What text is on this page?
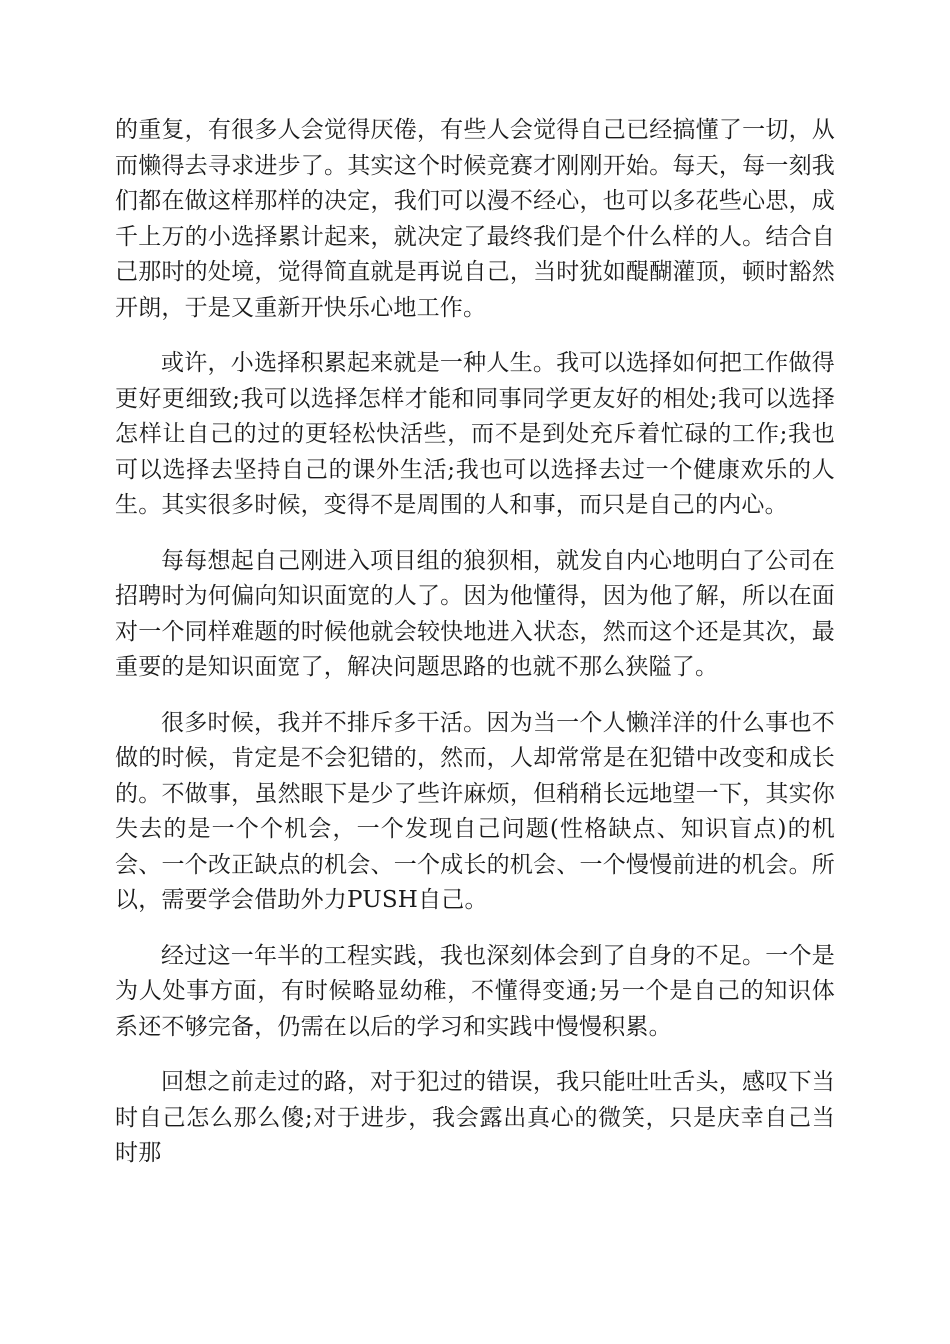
的重复，有很多人会觉得厌倦，有些人会觉得自己已经搞懂了一切，从而懒得去寻求进步了。其实这个时候竞赛才刚刚开始。每天，每一刻我们都在做这样那样的决定，我们可以漫不经心，也可以多花些心思，成千上万的小选择累计起来，就决定了最终我们是个什么样的人。结合自己那时的处境，觉得简直就是再说自己，当时犹如醍醐灌顶，顿时豁然开朗，于是又重新开快乐心地工作。

或许，小选择积累起来就是一种人生。我可以选择如何把工作做得更好更细致;我可以选择怎样才能和同事同学更友好的相处;我可以选择怎样让自己的过的更轻松快活些，而不是到处充斥着忙碌的工作;我也可以选择去坚持自己的课外生活;我也可以选择去过一个健康欢乐的人生。其实很多时候，变得不是周围的人和事，而只是自己的内心。

每每想起自己刚进入项目组的狼狈相，就发自内心地明白了公司在招聘时为何偏向知识面宽的人了。因为他懂得，因为他了解，所以在面对一个同样难题的时候他就会较快地进入状态，然而这个还是其次，最重要的是知识面宽了，解决问题思路的也就不那么狭隘了。

很多时候，我并不排斥多干活。因为当一个人懒洋洋的什么事也不做的时候，肯定是不会犯错的，然而，人却常常是在犯错中改变和成长的。不做事，虽然眼下是少了些许麻烦，但稍稍长远地望一下，其实你失去的是一个个机会，一个发现自己问题(性格缺点、知识盲点)的机会、一个改正缺点的机会、一个成长的机会、一个慢慢前进的机会。所以，需要学会借助外力PUSH自己。

经过这一年半的工程实践，我也深刻体会到了自身的不足。一个是为人处事方面，有时候略显幼稚，不懂得变通;另一个是自己的知识体系还不够完备，仍需在以后的学习和实践中慢慢积累。

回想之前走过的路，对于犯过的错误，我只能吐吐舌头，感叹下当时自己怎么那么傻;对于进步，我会露出真心的微笑，只是庆幸自己当时那
